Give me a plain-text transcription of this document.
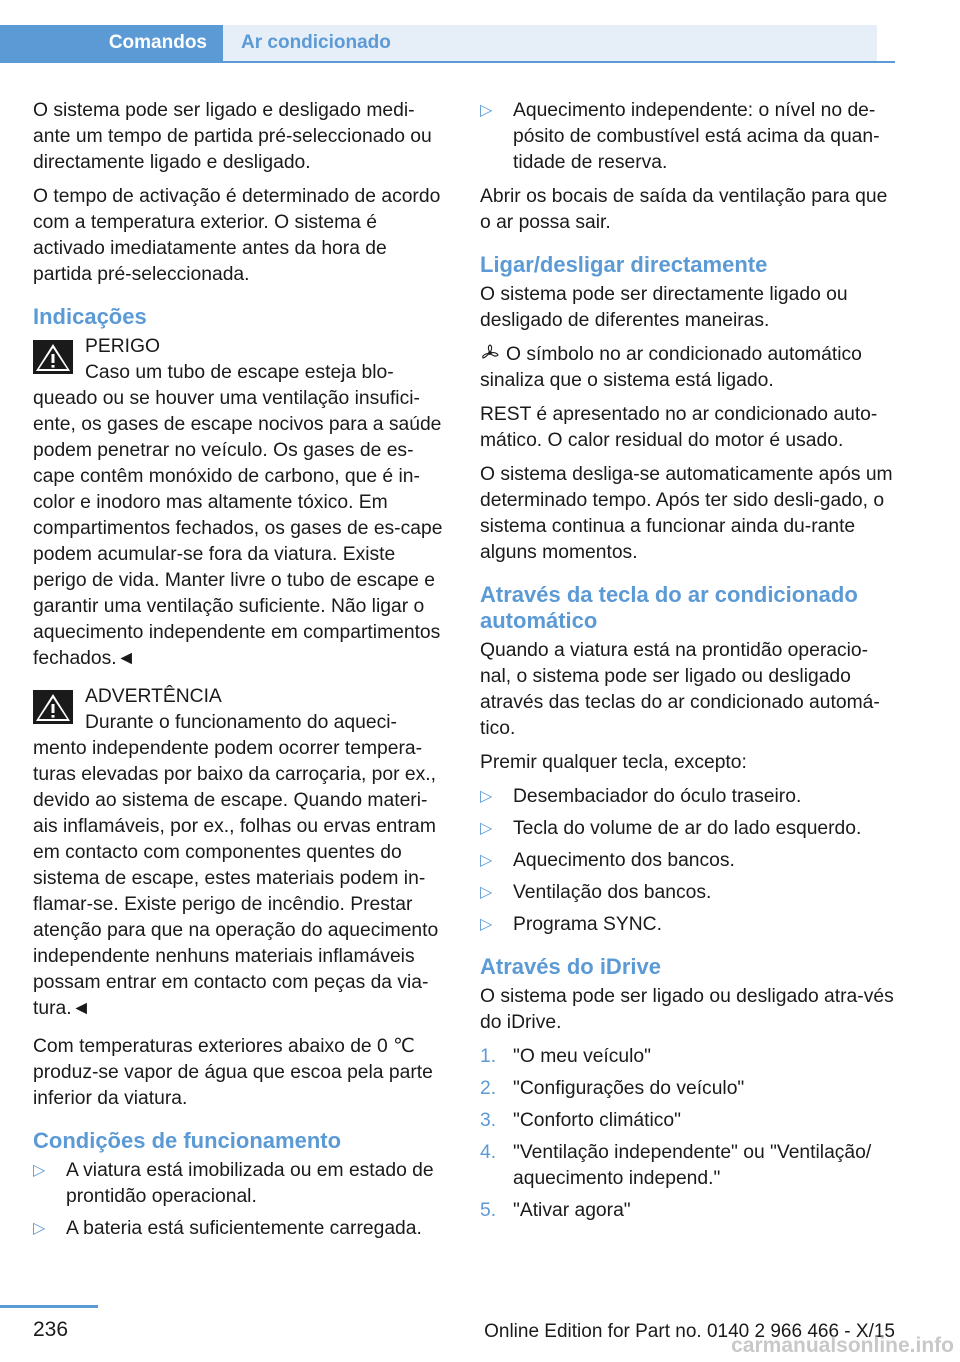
Comandos	Ar condicionado

O sistema pode ser ligado e desligado medi-ante um tempo de partida pré-seleccionado ou directamente ligado e desligado.

O tempo de activação é determinado de acordo com a temperatura exterior. O sistema é activado imediatamente antes da hora de partida pré-seleccionada.

Indicações
PERIGO
Caso um tubo de escape esteja blo-queado ou se houver uma ventilação insufici-ente, os gases de escape nocivos para a saúde podem penetrar no veículo. Os gases de es-cape contêm monóxido de carbono, que é in-color e inodoro mas altamente tóxico. Em compartimentos fechados, os gases de es-cape podem acumular-se fora da viatura. Existe perigo de vida. Manter livre o tubo de escape e garantir uma ventilação suficiente. Não ligar o aquecimento independente em compartimentos fechados.◄
ADVERTÊNCIA
Durante o funcionamento do aqueci-mento independente podem ocorrer tempera-turas elevadas por baixo da carroçaria, por ex., devido ao sistema de escape. Quando materi-ais inflamáveis, por ex., folhas ou ervas entram em contacto com componentes quentes do sistema de escape, estes materiais podem in-flamar-se. Existe perigo de incêndio. Prestar atenção para que na operação do aquecimento independente nenhuns materiais inflamáveis possam entrar em contacto com peças da via-tura.◄

Com temperaturas exteriores abaixo de 0 ℃ produz-se vapor de água que escoa pela parte inferior da viatura.

Condições de funcionamento
▷ A viatura está imobilizada ou em estado de prontidão operacional.
▷ A bateria está suficientemente carregada.
▷ Aquecimento independente: o nível no de-pósito de combustível está acima da quan-tidade de reserva.

Abrir os bocais de saída da ventilação para que o ar possa sair.

Ligar/desligar directamente

O sistema pode ser directamente ligado ou desligado de diferentes maneiras.

O símbolo no ar condicionado automático sinaliza que o sistema está ligado.

REST é apresentado no ar condicionado auto-mático. O calor residual do motor é usado.

O sistema desliga-se automaticamente após um determinado tempo. Após ter sido desli-gado, o sistema continua a funcionar ainda du-rante alguns momentos.

Através da tecla do ar condicionado automático

Quando a viatura está na prontidão operacio-nal, o sistema pode ser ligado ou desligado através das teclas do ar condicionado automá-tico.

Premir qualquer tecla, excepto:

▷ Desembaciador do óculo traseiro.
▷ Tecla do volume de ar do lado esquerdo.
▷ Aquecimento dos bancos.
▷ Ventilação dos bancos.
▷ Programa SYNC.
Através do iDrive

O sistema pode ser ligado ou desligado atra-vés do iDrive.

1. "O meu veículo"
2. "Configurações do veículo"
3. "Conforto climático"
4. "Ventilação independente" ou "Ventilação/ aquecimento independ."
5. "Ativar agora"
236	Online Edition for Part no. 0140 2 966 466 - X/15
carmanualsonline.info
